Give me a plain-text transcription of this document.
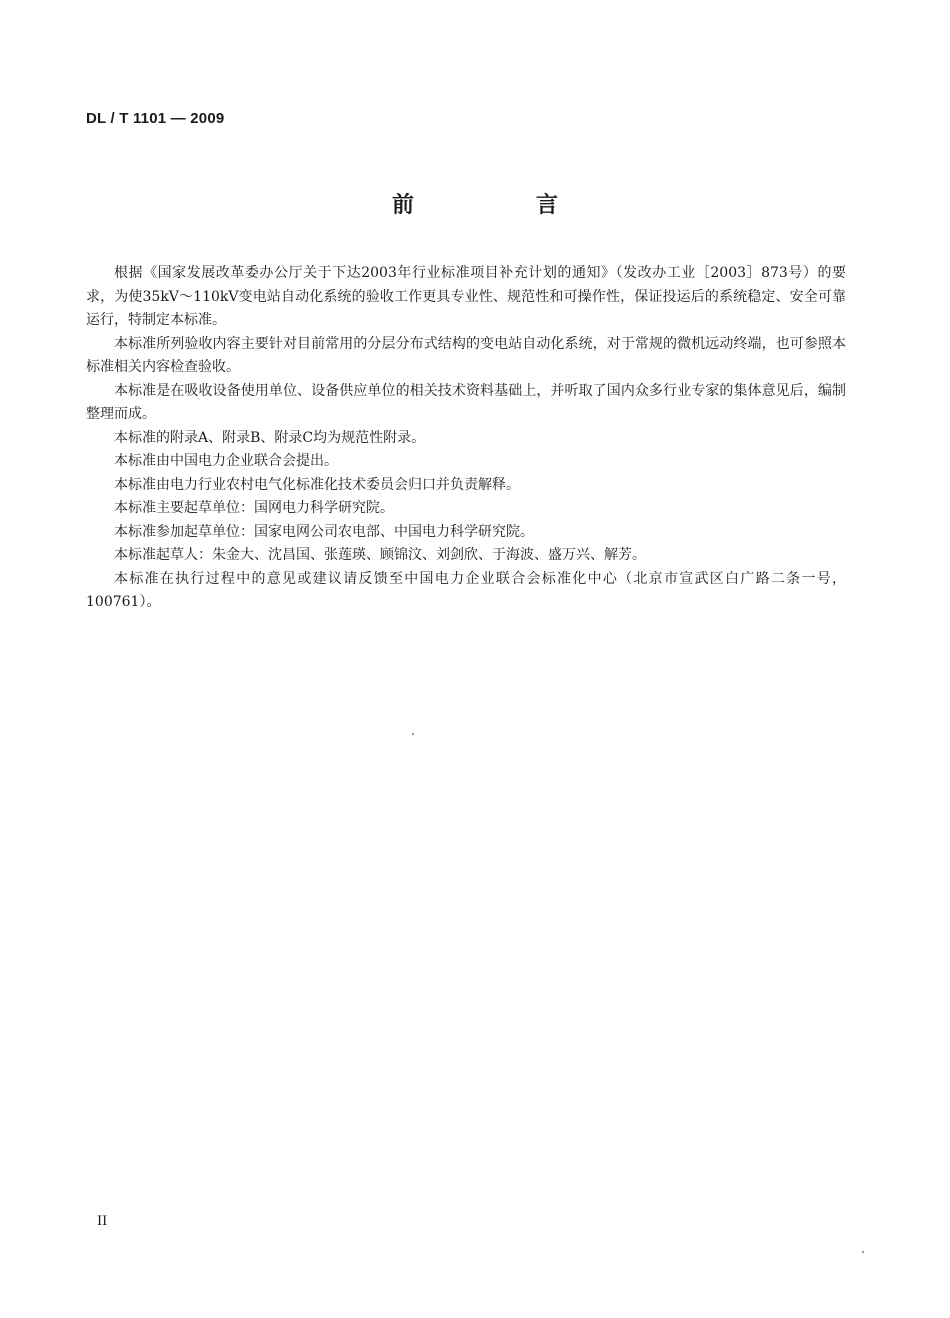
DL / T 1101 — 2009
前　言

根据《国家发展改革委办公厅关于下达2003年行业标准项目补充计划的通知》（发改办工业［2003］873号）的要求，为使35kV～110kV变电站自动化系统的验收工作更具专业性、规范性和可操作性，保证投运后的系统稳定、安全可靠运行，特制定本标准。

本标准所列验收内容主要针对目前常用的分层分布式结构的变电站自动化系统，对于常规的微机远动终端，也可参照本标准相关内容检查验收。

本标准是在吸收设备使用单位、设备供应单位的相关技术资料基础上，并听取了国内众多行业专家的集体意见后，编制整理而成。

本标准的附录A、附录B、附录C均为规范性附录。

本标准由中国电力企业联合会提出。

本标准由电力行业农村电气化标准化技术委员会归口并负责解释。

本标准主要起草单位：国网电力科学研究院。

本标准参加起草单位：国家电网公司农电部、中国电力科学研究院。

本标准起草人：朱金大、沈昌国、张莲瑛、顾锦汶、刘剑欣、于海波、盛万兴、解芳。

本标准在执行过程中的意见或建议请反馈至中国电力企业联合会标准化中心（北京市宣武区白广路二条一号，100761）。

II
